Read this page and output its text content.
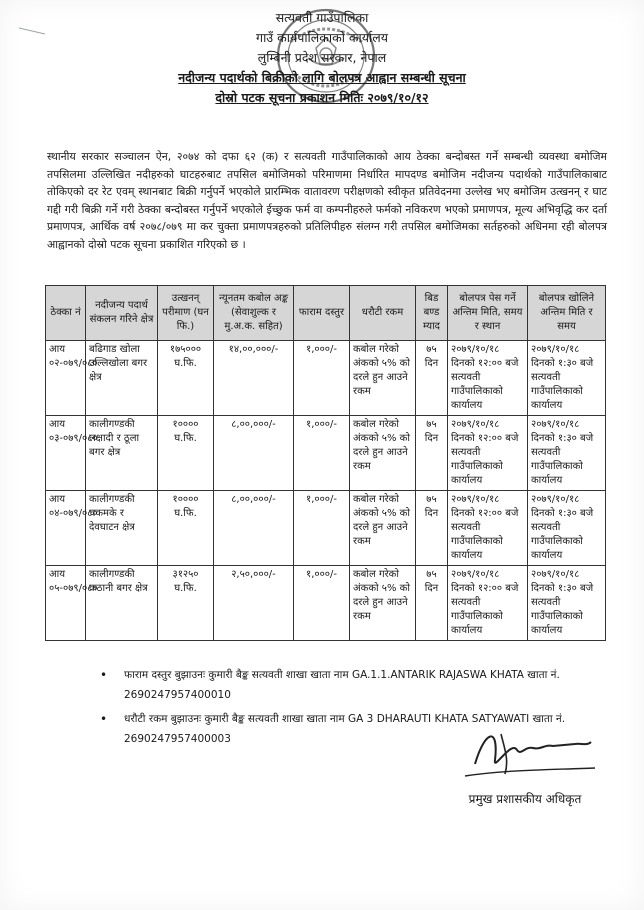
सत्यवती गाउँपालिका
गाउँ कार्यपालिकाको कार्यालय
लुम्बिनी प्रदेश सरकार, नेपाल
नदीजन्य पदार्थको बिक्रीको लागि बोलपत्र आह्वान सम्बन्धी सूचना
दोस्रो पटक सूचना प्रकाशन मितिः २०७९/१०/१२
स्थानीय सरकार सञ्चालन ऐन, २०७४ को दफा ६२ (क) र सत्यवती गाउँपालिकाको आय ठेक्का बन्दोबस्त गर्ने सम्बन्धी व्यवस्था बमोजिम तपसिलमा उल्लिखित नदीहरुको घाटहरुबाट तपसिल बमोजिमको परिमाणमा निर्धारित मापदण्ड बमोजिम नदीजन्य पदार्थको गाउँपालिकाबाट तोकिएको दर रेट एवम् स्थानबाट बिक्री गर्नुपर्ने भएकोले प्रारम्भिक वातावरण परीक्षणको स्वीकृत प्रतिवेदनमा उल्लेख भए बमोजिम उत्खनन् र घाट गद्दी गरी बिक्री गर्ने गरी ठेक्का बन्दोबस्त गर्नुपर्ने भएकोले ईच्छुक फर्म वा कम्पनीहरुले फर्मको नविकरण भएको प्रमाणपत्र, मूल्य अभिवृद्धि कर दर्ता प्रमाणपत्र, आर्थिक वर्ष २०७८/०७९ मा कर चुक्ता प्रमाणपत्रहरुको प्रतिलिपीहरु संलग्न गरी तपसिल बमोजिमका सर्तहरुको अधिनमा रही बोलपत्र आह्वानको दोस्रो पटक सूचना प्रकाशित गरिएको छ ।
ठेक्का नं	नदीजन्य पदार्थ संकलन गरिने क्षेत्र	उत्खनन् परीमाण (घन फि.)	न्यूनतम कबोल अङ्क (सेवाशुल्क र मु.अ.क. सहित)	फाराम दस्तुर	धरौटी रकम	बिड बण्ड म्याद	बोलपत्र पेस गर्ने अन्तिम मिति, समय र स्थान	बोलपत्र खोलिने अन्तिम मिति र समय
आय ०२-०७९/०८०	बढिगाड खोला उल्लिखोला बगर क्षेत्र	१७५००० घ.फि.	१४,००,०००/-	१,०००/-	कबोल गरेको अंकको ५% को दरले हुन आउने रकम	७५ दिन	२०७९/१०/१८ दिनको १२:०० बजे सत्यवती गाउँपालिकाको कार्यालय	२०७९/१०/१८ दिनको १:३० बजे सत्यवती गाउँपालिकाको कार्यालय
आय ०३-०७९/०८०	कालीगण्डकी लक्षादी र ठूला बगर क्षेत्र	१०००० घ.फि.	८,००,०००/-	१,०००/-	कबोल गरेको अंकको ५% को दरले हुन आउने रकम	७५ दिन	२०७९/१०/१८ दिनको १२:०० बजे सत्यवती गाउँपालिकाको कार्यालय	२०७९/१०/१८ दिनको १:३० बजे सत्यवती गाउँपालिकाको कार्यालय
आय ०४-०७९/०८०	कालीगण्डकी चकमके र देवघाटन क्षेत्र	१०००० घ.फि.	८,००,०००/-	१,०००/-	कबोल गरेको अंकको ५% को दरले हुन आउने रकम	७५ दिन	२०७९/१०/१८ दिनको १२:०० बजे सत्यवती गाउँपालिकाको कार्यालय	२०७९/१०/१८ दिनको १:३० बजे सत्यवती गाउँपालिकाको कार्यालय
आय ०५-०७९/०८०	कालीगण्डकी कठानी बगर क्षेत्र	३१२५० घ.फि.	२,५०,०००/-	१,०००/-	कबोल गरेको अंकको ५% को दरले हुन आउने रकम	७५ दिन	२०७९/१०/१८ दिनको १२:०० बजे सत्यवती गाउँपालिकाको कार्यालय	२०७९/१०/१८ दिनको १:३० बजे सत्यवती गाउँपालिकाको कार्यालय
• फाराम दस्तुर बुझाउनः कुमारी बैङ्क सत्यवती शाखा खाता नाम GA.1.1.ANTARIK RAJASWA KHATA खाता नं. 2690247957400010
• धरौटी रकम बुझाउनः कुमारी बैङ्क सत्यवती शाखा खाता नाम GA 3 DHARAUTI KHATA SATYAWATI खाता नं. 2690247957400003
प्रमुख प्रशासकीय अधिकृत
